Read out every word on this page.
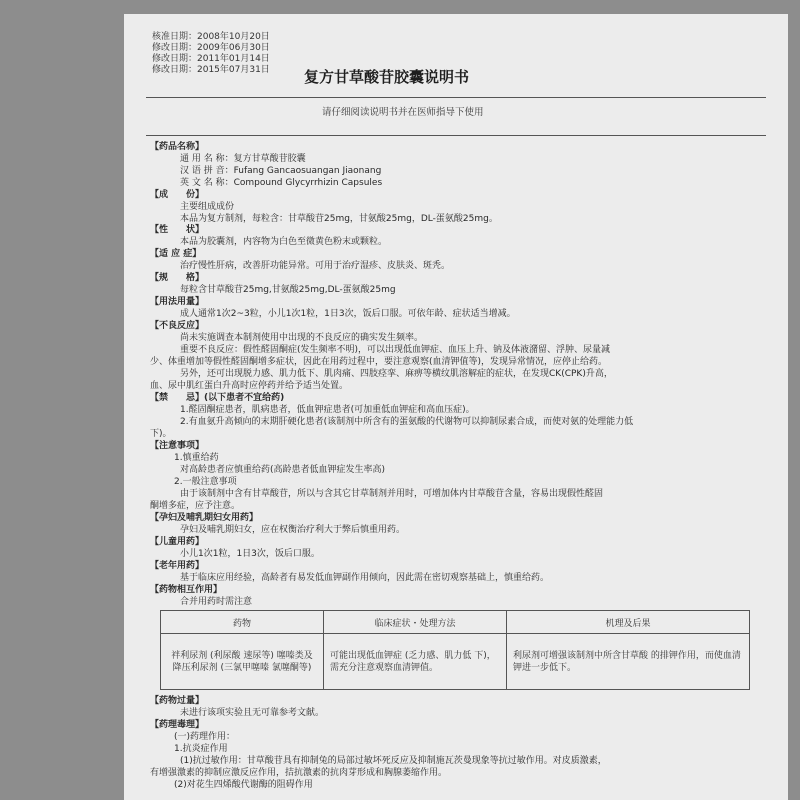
核准日期：2008年10月20日
修改日期：2009年06月30日
修改日期：2011年01月14日
修改日期：2015年07月31日 复方甘草酸苷胶囊说明书
请仔细阅读说明书并在医师指导下使用
【药品名称】
通 用 名 称：复方甘草酸苷胶囊
汉 语 拼 音：Fufang Gancaosuangan Jiaonang
英 文 名 称：Compound Glycyrrhizin Capsules
【成　　份】
主要组成成份
本品为复方制剂，每粒含：甘草酸苷25mg，甘氨酸25mg，DL-蛋氨酸25mg。
【性　　状】
本品为胶囊剂，内容物为白色至微黄色粉末或颗粒。
【适 应 症】
治疗慢性肝病，改善肝功能异常。可用于治疗湿疹、皮肤炎、斑秃。
【规　　格】
每粒含甘草酸苷25mg,甘氨酸25mg,DL-蛋氨酸25mg
【用法用量】
成人通常1次2~3粒，小儿1次1粒，1日3次，饭后口服。可依年龄、症状适当增减。
【不良反应】
尚未实施调查本制剂使用中出现的不良反应的确实发生频率。
重要不良反应：假性醛固酮症(发生频率不明)，可以出现低血钾症、血压上升、钠及体液潴留、浮肿、尿量减
少、体重增加等假性醛固酮增多症状，因此在用药过程中，要注意观察(血清钾值等)，发现异常情况，应停止给药。
另外，还可出现脱力感、肌力低下、肌肉痛、四肢痉挛、麻痹等横纹肌溶解症的症状，在发现CK(CPK)升高，
血、尿中肌红蛋白升高时应停药并给予适当处置。
【禁　　忌】(以下患者不宜给药)
1.醛固酮症患者，肌病患者，低血钾症患者(可加重低血钾症和高血压症)。
2.有血氨升高倾向的末期肝硬化患者(该制剂中所含有的蛋氨酸的代谢物可以抑制尿素合成，而使对氨的处理能力低
下)。
【注意事项】
1.慎重给药
对高龄患者应慎重给药(高龄患者低血钾症发生率高)
2.一般注意事项
由于该制剂中含有甘草酸苷，所以与含其它甘草制剂并用时，可增加体内甘草酸苷含量，容易出现假性醛固
酮增多症，应予注意。
【孕妇及哺乳期妇女用药】
孕妇及哺乳期妇女，应在权衡治疗利大于弊后慎重用药。
【儿童用药】
小儿1次1粒，1日3次，饭后口服。
【老年用药】
基于临床应用经验，高龄者有易发低血钾副作用倾向，因此需在密切观察基础上，慎重给药。
【药物相互作用】
合并用药时需注意
药物	临床症状・处理方法	机理及后果
袢利尿剂 (利尿酸 速尿等) 噻嗪类及降压利尿剂 (三氯甲噻嗪 氯噻酮等)	可能出现低血钾症 (乏力感、肌力低 下)，需充分注意观察血清钾值。	利尿剂可增强该制剂中所含甘草酸 的排钾作用，而使血清钾进一步低下。
【药物过量】
未进行该项实验且无可靠参考文献。
【药理毒理】
(一)药理作用：
1.抗炎症作用
(1)抗过敏作用：甘草酸苷具有抑制兔的局部过敏坏死反应及抑制施瓦茨曼现象等抗过敏作用。对皮质激素，
有增强激素的抑制应激反应作用，拮抗激素的抗肉芽形成和胸腺萎缩作用。
(2)对花生四烯酸代谢酶的阻碍作用
